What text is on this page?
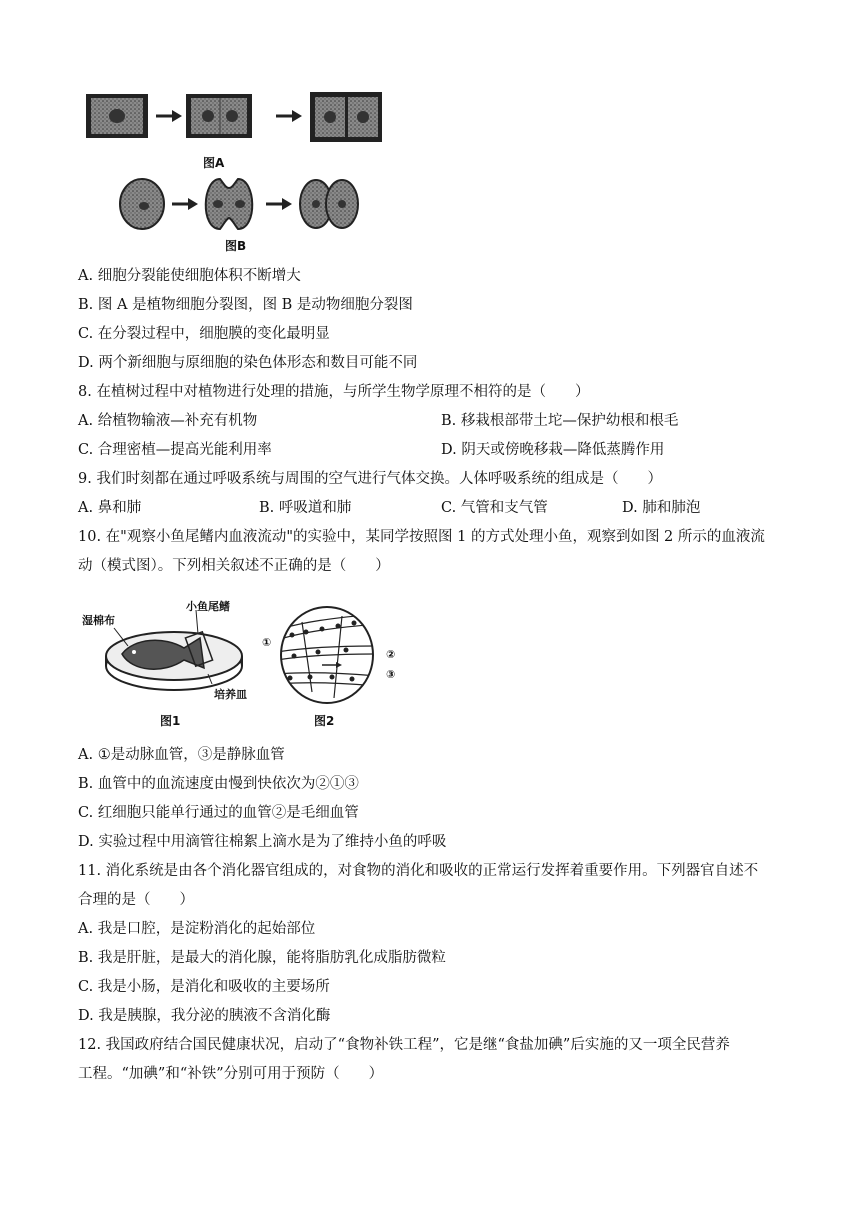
图A
图B
A. 细胞分裂能使细胞体积不断增大
B. 图 A 是植物细胞分裂图，图 B 是动物细胞分裂图
C. 在分裂过程中，细胞膜的变化最明显
D. 两个新细胞与原细胞的染色体形态和数目可能不同
8. 在植树过程中对植物进行处理的措施，与所学生物学原理不相符的是（　　）
A. 给植物输液—补充有机物	B. 移栽根部带土坨—保护幼根和根毛
C. 合理密植—提高光能利用率	D. 阴天或傍晚移栽—降低蒸腾作用
9. 我们时刻都在通过呼吸系统与周围的空气进行气体交换。人体呼吸系统的组成是（　　）
A. 鼻和肺	B. 呼吸道和肺	C. 气管和支气管	D. 肺和肺泡
10. 在"观察小鱼尾鳍内血液流动"的实验中，某同学按照图 1 的方式处理小鱼，观察到如图 2 所示的血液流
动（模式图）。下列相关叙述不正确的是（　　）
湿棉布
小鱼尾鳍
培养皿
图1
①
②
③
图2
A. ①是动脉血管，③是静脉血管
B. 血管中的血流速度由慢到快依次为②①③
C. 红细胞只能单行通过的血管②是毛细血管
D. 实验过程中用滴管往棉絮上滴水是为了维持小鱼的呼吸
11. 消化系统是由各个消化器官组成的，对食物的消化和吸收的正常运行发挥着重要作用。下列器官自述不
合理的是（　　）
A. 我是口腔，是淀粉消化的起始部位
B. 我是肝脏，是最大的消化腺，能将脂肪乳化成脂肪微粒
C. 我是小肠，是消化和吸收的主要场所
D. 我是胰腺，我分泌的胰液不含消化酶
12. 我国政府结合国民健康状况，启动了“食物补铁工程”，它是继“食盐加碘”后实施的又一项全民营养
工程。“加碘”和“补铁”分别可用于预防（　　）
